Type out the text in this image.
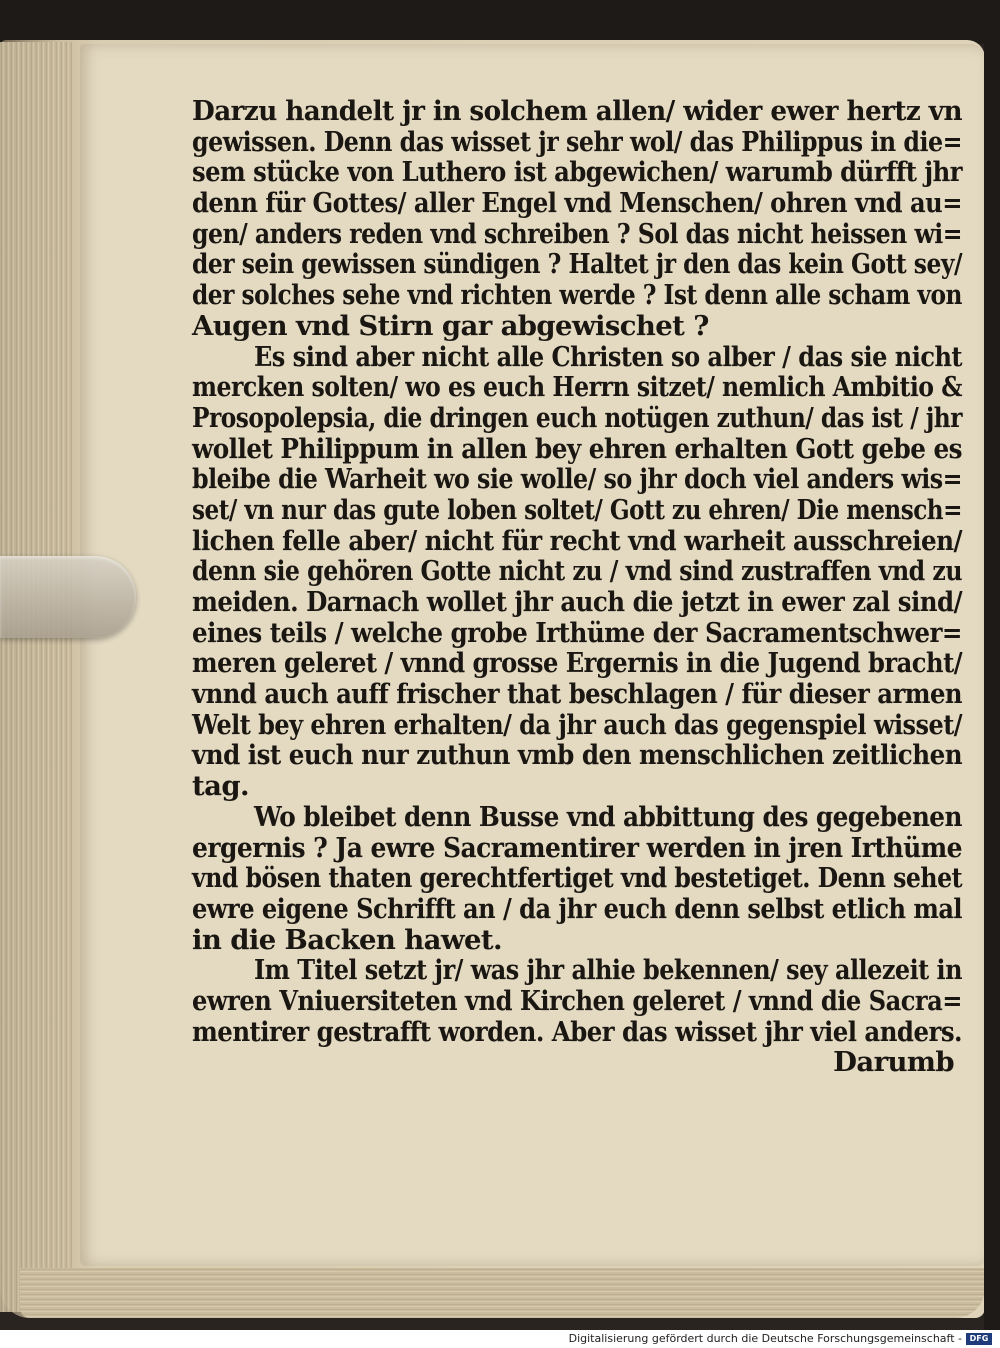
Darzu handelt jr in solchem allen/ wider ewer hertz vn
gewissen. Denn das wisset jr sehr wol/ das Philippus in die=
sem stücke von Luthero ist abgewichen/ warumb dürfft jhr
denn für Gottes/ aller Engel vnd Menschen/ ohren vnd au=
gen/ anders reden vnd schreiben ? Sol das nicht heissen wi=
der sein gewissen sündigen ? Haltet jr den das kein Gott sey/
der solches sehe vnd richten werde ? Ist denn alle scham von
Augen vnd Stirn gar abgewischet ?
Es sind aber nicht alle Christen so alber / das sie nicht
mercken solten/ wo es euch Herrn sitzet/ nemlich Ambitio &
Prosopolepsia, die dringen euch notügen zuthun/ das ist / jhr
wollet Philippum in allen bey ehren erhalten Gott gebe es
bleibe die Warheit wo sie wolle/ so jhr doch viel anders wis=
set/ vn nur das gute loben soltet/ Gott zu ehren/ Die mensch=
lichen felle aber/ nicht für recht vnd warheit ausschreien/
denn sie gehören Gotte nicht zu / vnd sind zustraffen vnd zu
meiden. Darnach wollet jhr auch die jetzt in ewer zal sind/
eines teils / welche grobe Irthüme der Sacramentschwer=
meren geleret / vnnd grosse Ergernis in die Jugend bracht/
vnnd auch auff frischer that beschlagen / für dieser armen
Welt bey ehren erhalten/ da jhr auch das gegenspiel wisset/
vnd ist euch nur zuthun vmb den menschlichen zeitlichen
tag.
Wo bleibet denn Busse vnd abbittung des gegebenen
ergernis ? Ja ewre Sacramentirer werden in jren Irthüme
vnd bösen thaten gerechtfertiget vnd bestetiget. Denn sehet
ewre eigene Schrifft an / da jhr euch denn selbst etlich mal
in die Backen hawet.
Im Titel setzt jr/ was jhr alhie bekennen/ sey allezeit in
ewren Vniuersiteten vnd Kirchen geleret / vnnd die Sacra=
mentirer gestrafft worden. Aber das wisset jhr viel anders.
Darumb
Digitalisierung gefördert durch die Deutsche Forschungsgemeinschaft - DFG
